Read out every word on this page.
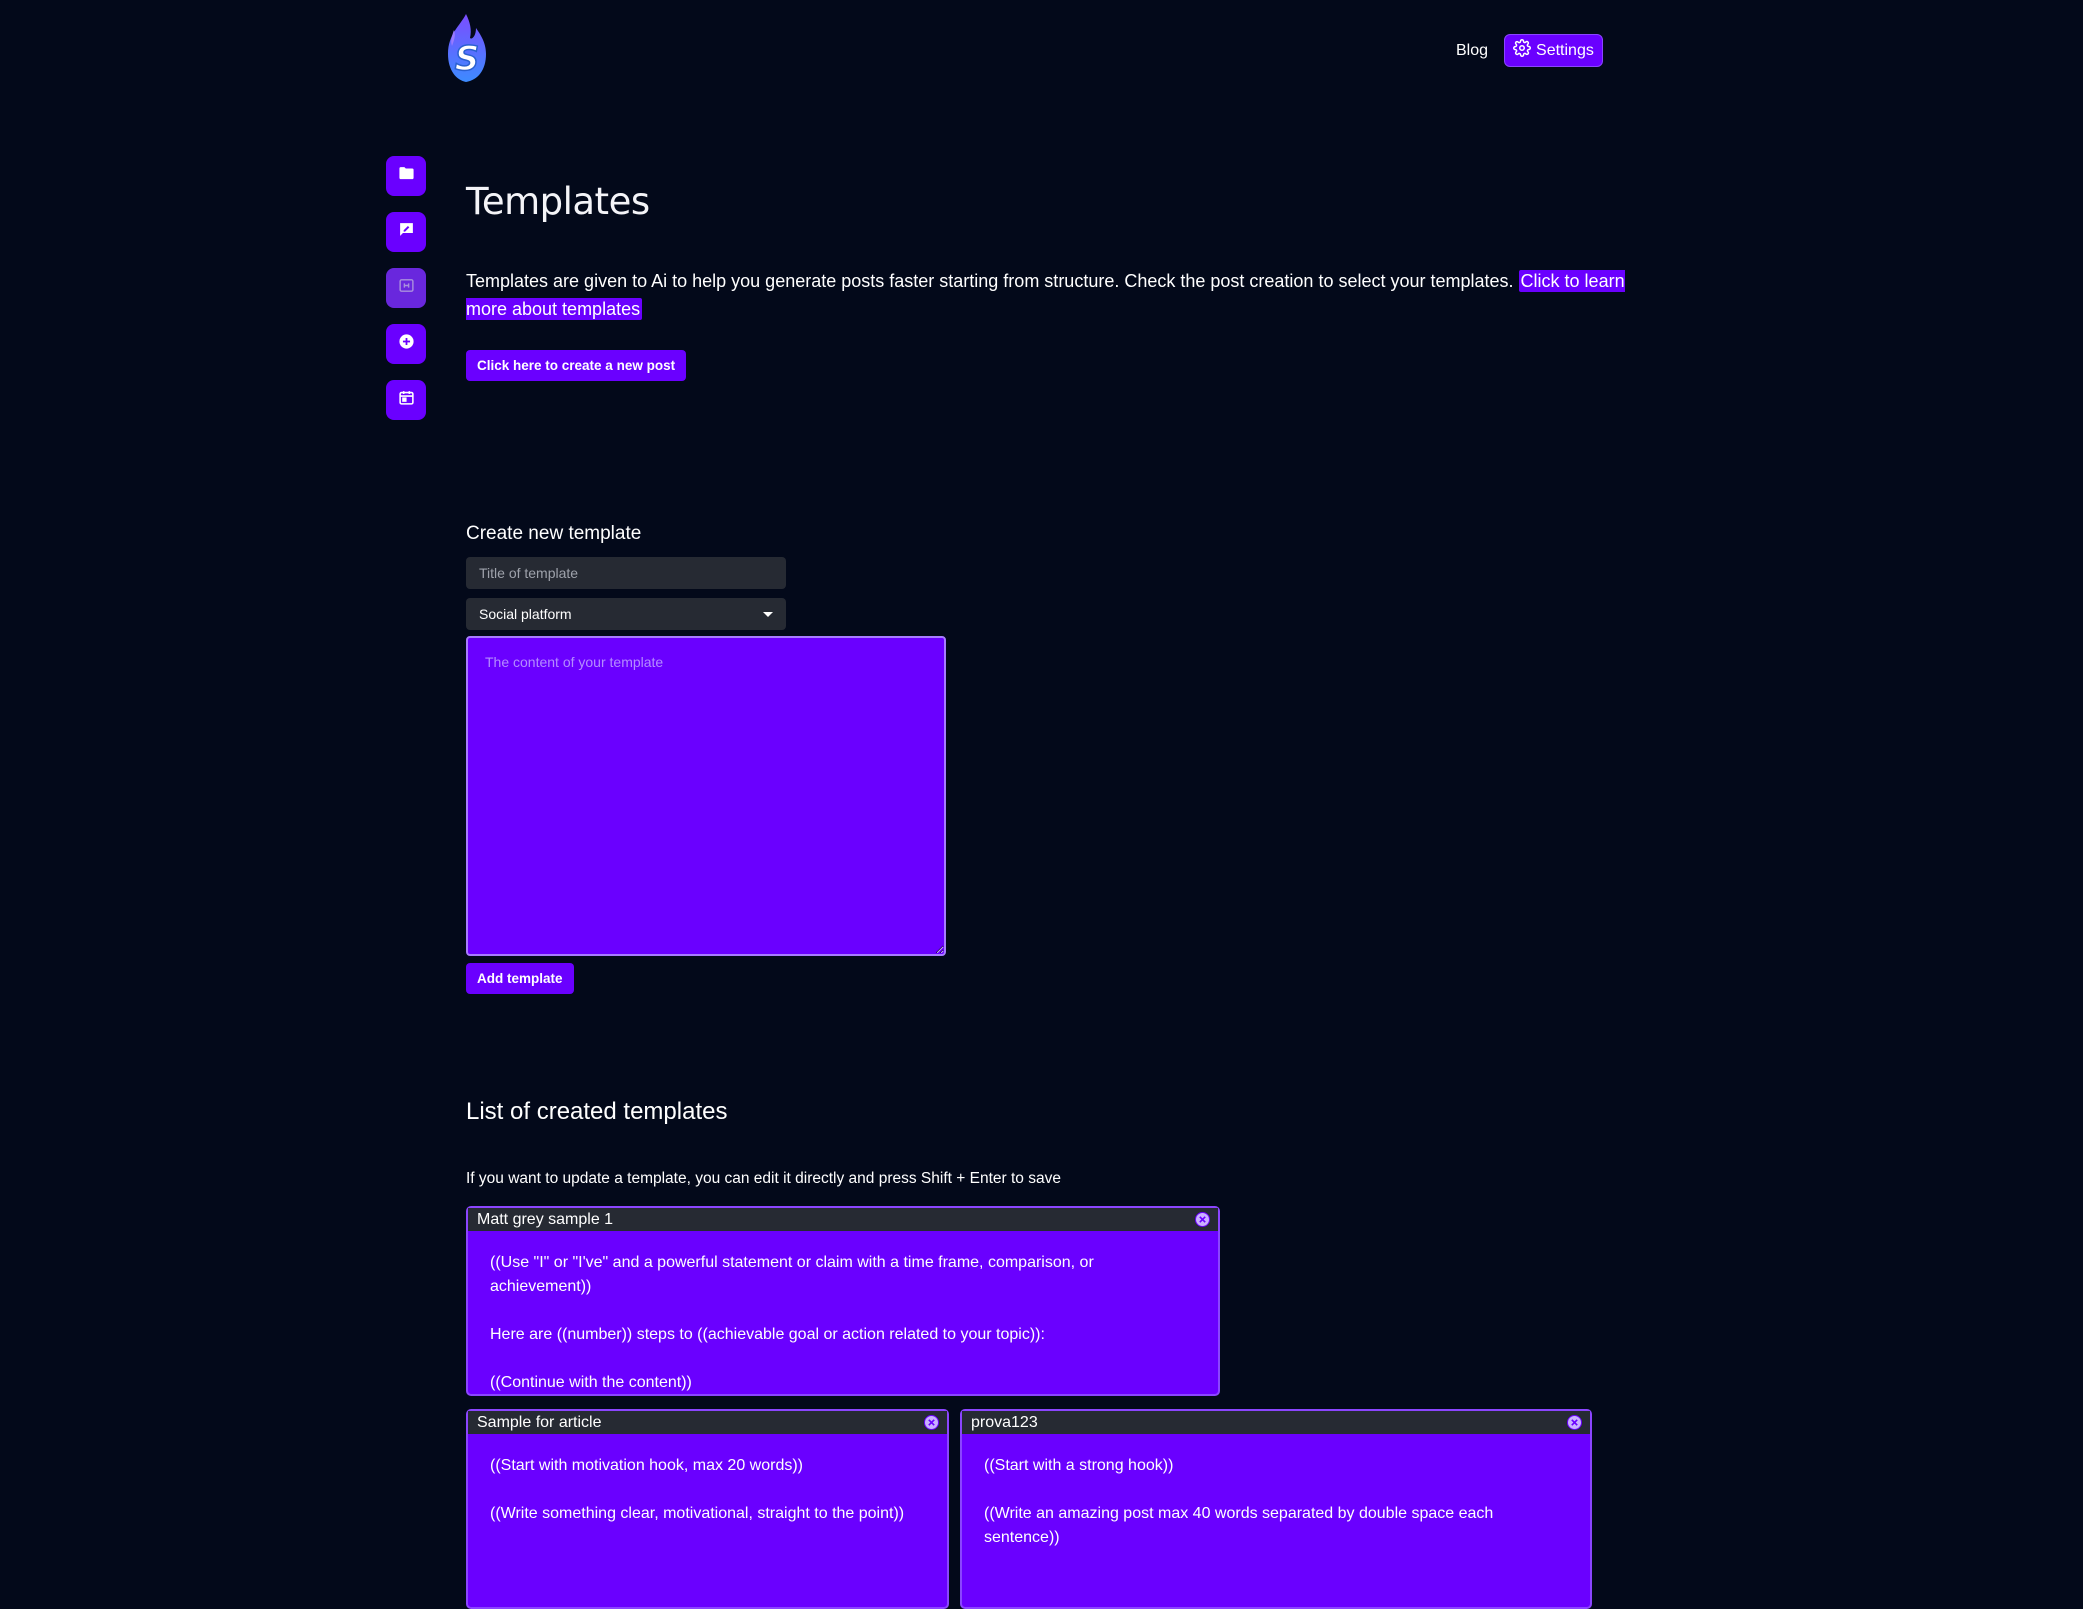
S	Blog	Settings
Templates

Templates are given to Ai to help you generate posts faster starting from structure. Check the post creation to select your templates. Click to learn more about templates

Click here to create a new post
Create new template
Title of template
Social platform
The content of your template
Add template
List of created templates

If you want to update a template, you can edit it directly and press Shift + Enter to save

Matt grey sample 1

((Use "I" or "I've" and a powerful statement or claim with a time frame, comparison, or achievement))

Here are ((number)) steps to ((achievable goal or action related to your topic)):

((Continue with the content))

Sample for article

((Start with motivation hook, max 20 words))

((Write something clear, motivational, straight to the point))

prova123

((Start with a strong hook))

((Write an amazing post max 40 words separated by double space each sentence))
